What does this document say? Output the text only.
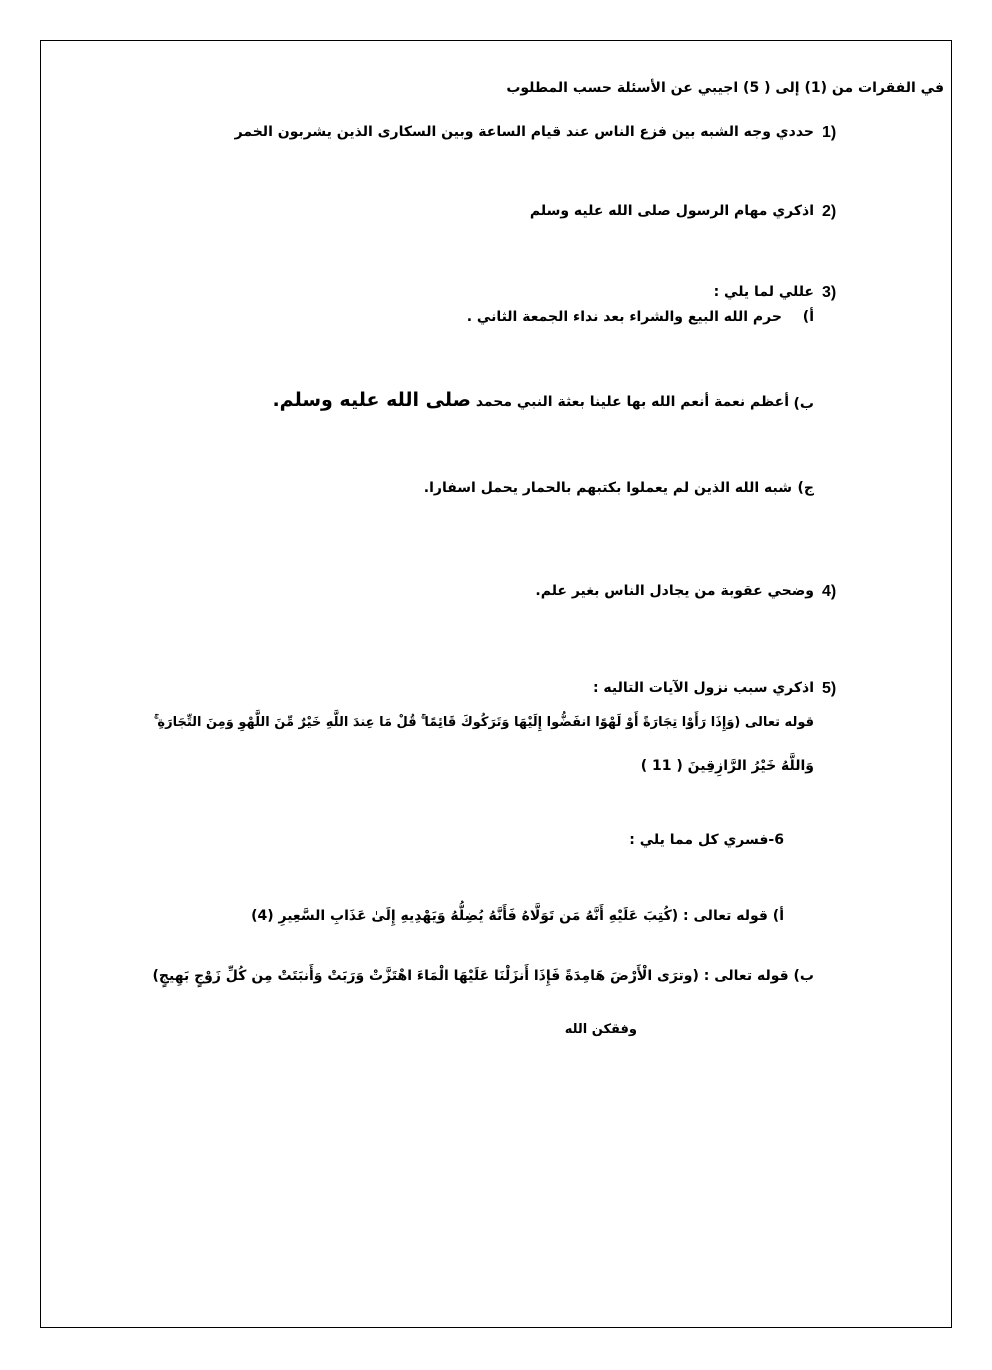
في الفقرات من (1) إلى ( 5) اجيبي عن الأسئلة حسب المطلوب
1)
حددي وجه الشبه بين فزع الناس عند قيام الساعة وبين السكارى الذين يشربون الخمر
2)
اذكري مهام الرسول صلى الله عليه وسلم
3)
عللي لما يلي :
أ)
حرم الله البيع والشراء بعد نداء الجمعة الثاني .
ب)
أعظم نعمة أنعم الله بها علينا بعثة النبي محمد صلى الله عليه وسلم.
ج)
شبه الله الذين لم يعملوا بكتبهم بالحمار يحمل اسفارا.
4)
وضحي عقوبة من يجادل الناس بغير علم.
5)
اذكري سبب نزول الآيات التاليه :
قوله تعالى (وَإِذَا رَأَوْا تِجَارَةً أَوْ لَهْوًا انفَضُّوا إِلَيْهَا وَتَرَكُوكَ قَائِمًا ۚ قُلْ مَا عِندَ اللَّهِ خَيْرٌ مِّنَ اللَّهْوِ وَمِنَ التِّجَارَةِ ۚ
وَاللَّهُ خَيْرُ الرَّازِقِينَ ( 11 )
6-فسري كل مما يلي :
أ) قوله تعالى : (كُتِبَ عَلَيْهِ أَنَّهُ مَن تَوَلَّاهُ فَأَنَّهُ يُضِلُّهُ وَيَهْدِيهِ إِلَىٰ عَذَابِ السَّعِيرِ (4)
ب) قوله تعالى : (وترَى الْأَرْضَ هَامِدَةً فَإِذَا أَنزَلْنَا عَلَيْهَا الْمَاءَ اهْتَزَّتْ وَرَبَتْ وَأَنبَتَتْ مِن كُلِّ زَوْجٍ بَهِيجٍ)
وفقكن الله
